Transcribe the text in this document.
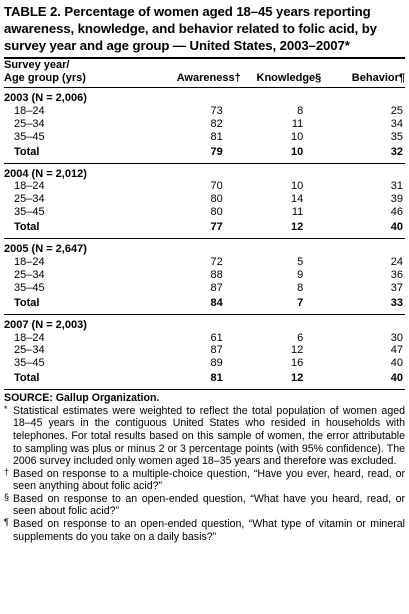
TABLE 2. Percentage of women aged 18–45 years reporting awareness, knowledge, and behavior related to folic acid, by survey year and age group — United States, 2003–2007*
Survey year/			
Age group (yrs)	Awareness†	Knowledge§	Behavior¶

2003 (N = 2,006)			
18–24	73	8	25
25–34	82	11	34
35–45	81	10	35
Total	79	10	32
2004 (N = 2,012)			
18–24	70	10	31
25–34	80	14	39
35–45	80	11	46
Total	77	12	40
2005 (N = 2,647)			
18–24	72	5	24
25–34	88	9	36
35–45	87	8	37
Total	84	7	33
2007 (N = 2,003)			
18–24	61	6	30
25–34	87	12	47
35–45	89	16	40
Total	81	12	40
SOURCE: Gallup Organization.
* Statistical estimates were weighted to reflect the total population of women aged 18–45 years in the contiguous United States who resided in households with telephones. For total results based on this sample of women, the error attributable to sampling was plus or minus 2 or 3 percentage points (with 95% confidence). The 2006 survey included only women aged 18–35 years and therefore was excluded.
† Based on response to a multiple-choice question, “Have you ever, heard, read, or seen anything about folic acid?”
§ Based on response to an open-ended question, “What have you heard, read, or seen about folic acid?”
¶ Based on response to an open-ended question, “What type of vitamin or mineral supplements do you take on a daily basis?”
